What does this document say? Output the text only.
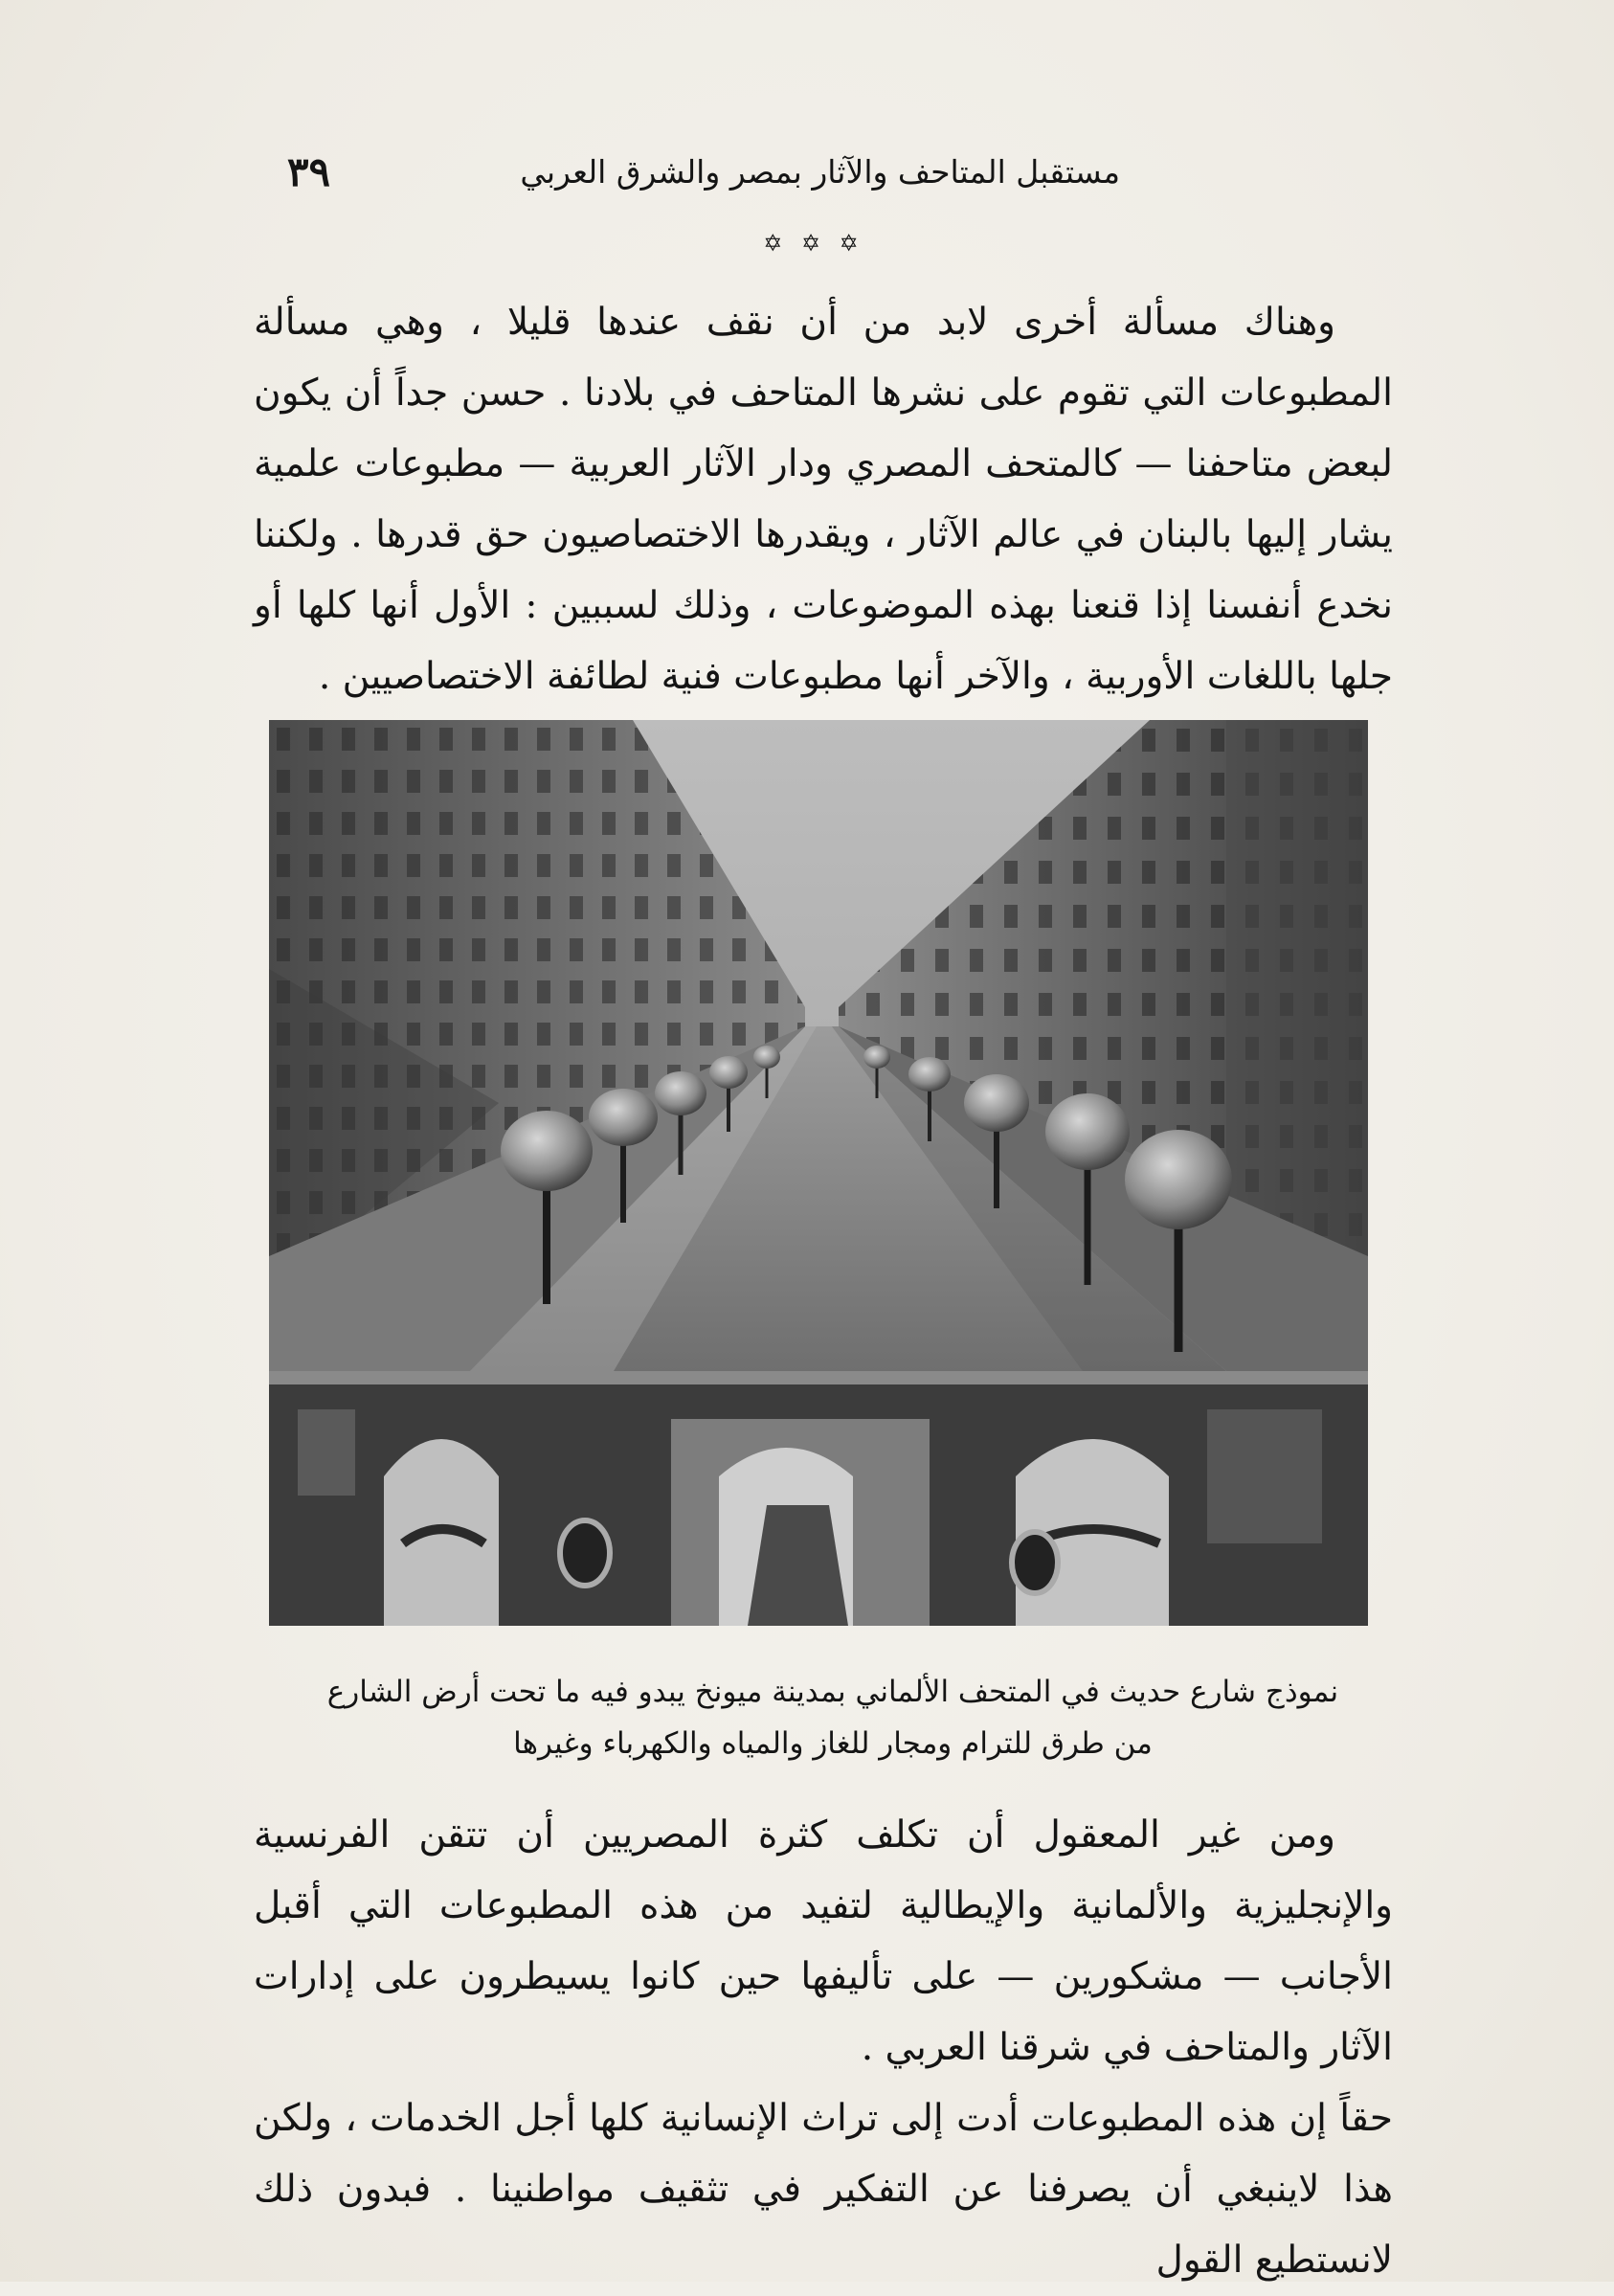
مستقبل المتاحف والآثار بمصر والشرق العربي
٣٩
✡ ✡ ✡

وهناك مسألة أخرى لابد من أن نقف عندها قليلا ، وهي مسألة المطبوعات التي تقوم على نشرها المتاحف في بلادنا . حسن جداً أن يكون لبعض متاحفنا — كالمتحف المصري ودار الآثار العربية — مطبوعات علمية يشار إليها بالبنان في عالم الآثار ، ويقدرها الاختصاصيون حق قدرها . ولكننا نخدع أنفسنا إذا قنعنا بهذه الموضوعات ، وذلك لسببين : الأول أنها كلها أو جلها باللغات الأوربية ، والآخر أنها مطبوعات فنية لطائفة الاختصاصيين .

نموذج شارع حديث في المتحف الألماني بمدينة ميونخ يبدو فيه ما تحت أرض الشارع
من طرق للترام ومجار للغاز والمياه والكهرباء وغيرها

ومن غير المعقول أن تكلف كثرة المصريين أن تتقن الفرنسية والإنجليزية والألمانية والإيطالية لتفيد من هذه المطبوعات التي أقبل الأجانب — مشكورين — على تأليفها حين كانوا يسيطرون على إدارات الآثار والمتاحف في شرقنا العربي .

حقاً إن هذه المطبوعات أدت إلى تراث الإنسانية كلها أجل الخدمات ، ولكن هذا لاينبغي أن يصرفنا عن التفكير في تثقيف مواطنينا . فبدون ذلك لانستطيع القول
